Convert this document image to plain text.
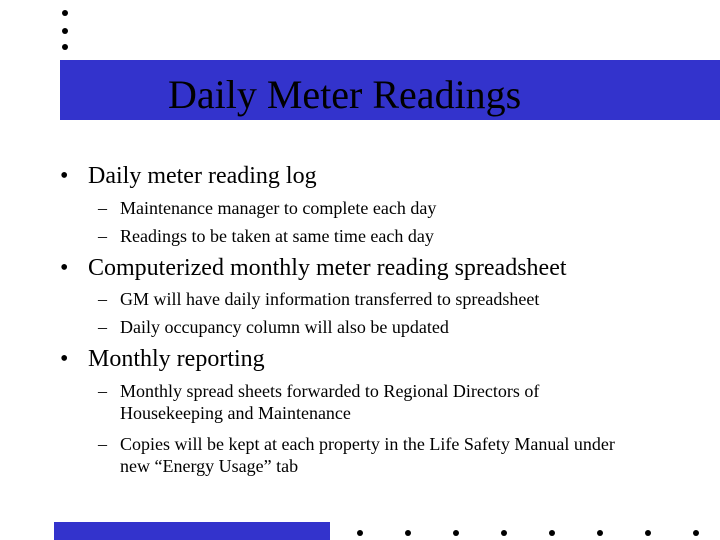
Daily Meter Readings
• Daily meter reading log
– Maintenance manager to complete each day
– Readings to be taken at same time each day
• Computerized monthly meter reading spreadsheet
– GM will have daily information transferred to spreadsheet
– Daily occupancy column will also be updated
• Monthly reporting
– Monthly spread sheets forwarded to Regional Directors of Housekeeping and Maintenance
– Copies will be kept at each property in the Life Safety Manual under new “Energy Usage” tab
